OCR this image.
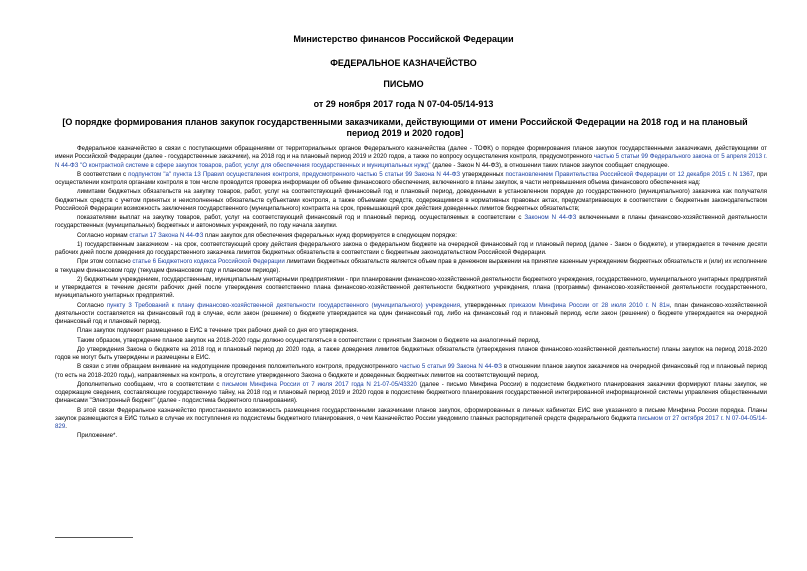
Министерство финансов Российской Федерации
ФЕДЕРАЛЬНОЕ КАЗНАЧЕЙСТВО
ПИСЬМО
от 29 ноября 2017 года N 07-04-05/14-913
[О порядке формирования планов закупок государственными заказчиками, действующими от имени Российской Федерации на 2018 год и на плановый период 2019 и 2020 годов]

Федеральное казначейство в связи с поступающими обращениями от территориальных органов Федерального казначейства (далее - ТОФК) о порядке формирования планов закупок государственными заказчиками, действующими от имени Российской Федерации (далее - государственные заказчики), на 2018 год и на плановый период 2019 и 2020 годов, а также по вопросу осуществления контроля, предусмотренного частью 5 статьи 99 Федерального закона от 5 апреля 2013 г. N 44-ФЗ "О контрактной системе в сфере закупок товаров, работ, услуг для обеспечения государственных и муниципальных нужд" (далее - Закон N 44-ФЗ), в отношении таких планов закупок сообщает следующее.

В соответствии с подпунктом "а" пункта 13 Правил осуществления контроля, предусмотренного частью 5 статьи 99 Закона N 44-ФЗ утвержденных постановлением Правительства Российской Федерации от 12 декабря 2015 г. N 1367, при осуществлении контроля органами контроля в том числе проводится проверка информации об объеме финансового обеспечения, включенного в планы закупок, в части непревышения объема финансового обеспечения над:

лимитами бюджетных обязательств на закупку товаров, работ, услуг на соответствующий финансовый год и плановый период, доведенными в установленном порядке до государственного (муниципального) заказчика как получателя бюджетных средств с учетом принятых и неисполненных обязательств субъектами контроля, а также объемами средств, содержащимися в нормативных правовых актах, предусматривающих в соответствии с бюджетным законодательством Российской Федерации возможность заключения государственного (муниципального) контракта на срок, превышающий срок действия доведенных лимитов бюджетных обязательств;

показателями выплат на закупку товаров, работ, услуг на соответствующий финансовый год и плановый период, осуществляемых в соответствии с Законом N 44-ФЗ включенными в планы финансово-хозяйственной деятельности государственных (муниципальных) бюджетных и автономных учреждений, по году начала закупки.

Согласно нормам статьи 17 Закона N 44-ФЗ план закупок для обеспечения федеральных нужд формируется в следующем порядке:

1) государственным заказчиком - на срок, соответствующий сроку действия федерального закона о федеральном бюджете на очередной финансовый год и плановый период (далее - Закон о бюджете), и утверждается в течение десяти рабочих дней после доведения до государственного заказчика лимитов бюджетных обязательств в соответствии с бюджетным законодательством Российской Федерации.

При этом согласно статье 6 Бюджетного кодекса Российской Федерации лимитами бюджетных обязательств является объем прав в денежном выражении на принятие казенным учреждением бюджетных обязательств и (или) их исполнение в текущем финансовом году (текущем финансовом году и плановом периоде).

2) бюджетным учреждением, государственным, муниципальным унитарными предприятиями - при планировании финансово-хозяйственной деятельности бюджетного учреждения, государственного, муниципального унитарных предприятий и утверждается в течение десяти рабочих дней после утверждения соответственно плана финансово-хозяйственной деятельности бюджетного учреждения, плана (программы) финансово-хозяйственной деятельности государственного, муниципального унитарных предприятий.

Согласно пункту 3 Требований к плану финансово-хозяйственной деятельности государственного (муниципального) учреждения, утвержденных приказом Минфина России от 28 июля 2010 г. N 81н, план финансово-хозяйственной деятельности составляется на финансовый год в случае, если закон (решение) о бюджете утверждается на один финансовый год, либо на финансовый год и плановый период, если закон (решение) о бюджете утверждается на очередной финансовый год и плановый период.

План закупок подлежит размещению в ЕИС в течение трех рабочих дней со дня его утверждения.

Таким образом, утверждение планов закупок на 2018-2020 годы должно осуществляться в соответствии с принятым Законом о бюджете на аналогичный период.

До утверждения Закона о бюджете на 2018 год и плановый период до 2020 года, а также доведения лимитов бюджетных обязательств (утверждения планов финансово-хозяйственной деятельности) планы закупок на период 2018-2020 годов не могут быть утверждены и размещены в ЕИС.

В связи с этим обращаем внимание на недопущение проведения положительного контроля, предусмотренного частью 5 статьи 99 Закона N 44-ФЗ в отношении планов закупок заказчиков на очередной финансовый год и плановый период (то есть на 2018-2020 годы), направляемых на контроль, в отсутствие утвержденного Закона о бюджете и доведенных бюджетных лимитов на соответствующий период.

Дополнительно сообщаем, что в соответствии с письмом Минфина России от 7 июля 2017 года N 21-07-05/43320 (далее - письмо Минфина России) в подсистеме бюджетного планирования заказчики формируют планы закупок, не содержащие сведения, составляющие государственную тайну, на 2018 год и плановый период 2019 и 2020 годов в подсистеме бюджетного планирования государственной интегрированной информационной системы управления общественными финансами "Электронный бюджет" (далее - подсистема бюджетного планирования).

В этой связи Федеральное казначейство приостановило возможность размещения государственными заказчиками планов закупок, сформированных в личных кабинетах ЕИС вне указанного в письме Минфина России порядка. Планы закупок размещаются в ЕИС только в случае их поступления из подсистемы бюджетного планирования, о чем Казначейство России уведомило главных распорядителей средств федерального бюджета письмом от 27 октября 2017 г. N 07-04-05/14-829.

Приложение*.
